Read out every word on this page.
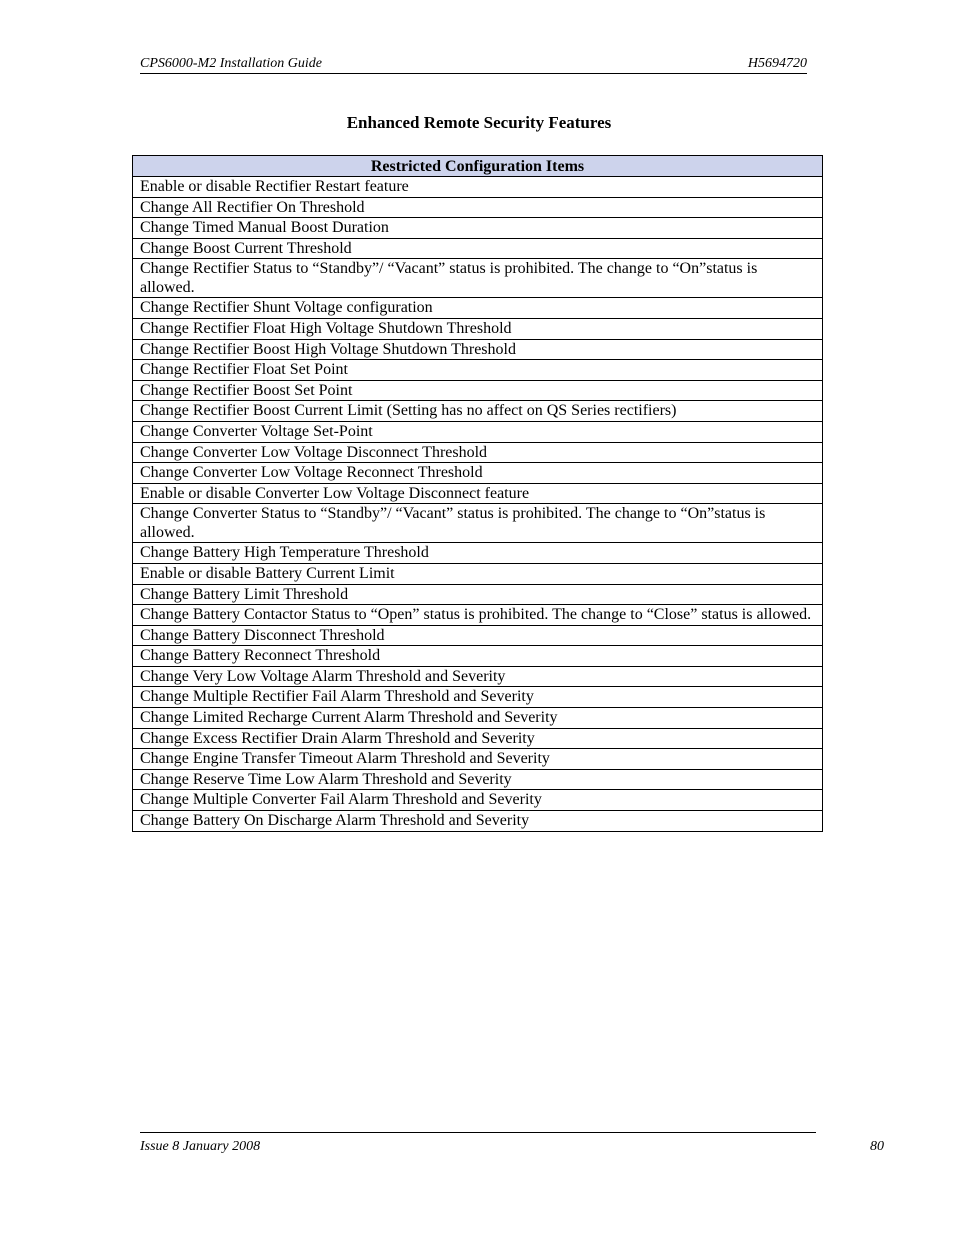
CPS6000-M2 Installation Guide	H5694720
Enhanced Remote Security Features
Restricted Configuration Items
Enable or disable Rectifier Restart feature
Change All Rectifier On Threshold
Change Timed Manual Boost Duration
Change Boost Current Threshold
Change Rectifier Status to “Standby”/ “Vacant” status is prohibited. The change to “On”status is allowed.
Change Rectifier Shunt Voltage configuration
Change Rectifier Float High Voltage Shutdown Threshold
Change Rectifier Boost High Voltage Shutdown Threshold
Change Rectifier Float Set Point
Change Rectifier Boost Set Point
Change Rectifier Boost Current Limit (Setting has no affect on QS Series rectifiers)
Change Converter Voltage Set-Point
Change Converter Low Voltage Disconnect Threshold
Change Converter Low Voltage Reconnect Threshold
Enable or disable Converter Low Voltage Disconnect feature
Change Converter Status to “Standby”/ “Vacant” status is prohibited. The change to “On”status is allowed.
Change Battery High Temperature Threshold
Enable or disable Battery Current Limit
Change Battery Limit Threshold
Change Battery Contactor Status to “Open” status is prohibited. The change to “Close” status is allowed.
Change Battery Disconnect Threshold
Change Battery Reconnect Threshold
Change Very Low Voltage Alarm Threshold and Severity
Change Multiple Rectifier Fail Alarm Threshold and Severity
Change Limited Recharge Current Alarm Threshold and Severity
Change Excess Rectifier Drain Alarm Threshold and Severity
Change Engine Transfer Timeout Alarm Threshold and Severity
Change Reserve Time Low Alarm Threshold and Severity
Change Multiple Converter Fail Alarm Threshold and Severity
Change Battery On Discharge Alarm Threshold and Severity
Issue 8 January 2008	80
